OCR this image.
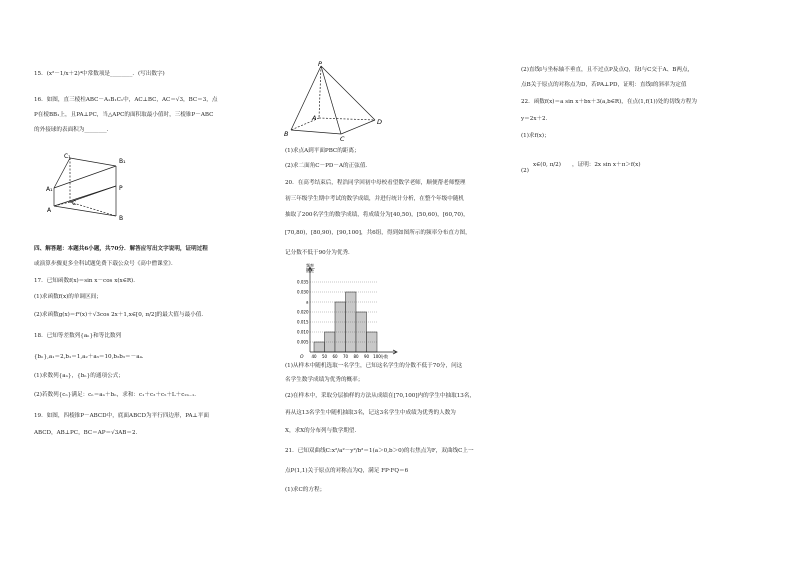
15．(x²－1/x＋2)⁴中常数项是________．(写出数字)
16．如图，直三棱柱ABC－A₁B₁C₁中，AC⊥BC，AC＝√3，BC＝3，点
P在棱BB₁上，且PA⊥PC，当△APC的面积取最小值时，三棱锥P－ABC
的外接球的表面积为________．
C₁
B₁
A₁	P
C
A
B
四、解答题：本题共6小题，共70分．解答应写出文字说明，证明过程
或演算步骤更多全科试题免费下载公众号《高中僧课堂》．
17．已知函数f(x)＝sin x－cos x(x∈R)．
(1)求函数f(x)的单调区间；
(2)求函数g(x)＝f²(x)＋√3cos 2x＋1,x∈[0, π/2]的最大值与最小值．
18．已知等差数列{aₙ}和等比数列
{bₙ},a₁＝2,b₁＝1,a₂＋a₃＝10,b₂b₃＝－a₄．
(1)求数列{aₙ}，{bₙ}的通项公式；
(2)若数列{cₙ}满足：cₙ＝aₙ＋bₙ，求和：c₁＋c₃＋c₅＋L＋c₂ₙ₋₁．
19．如图，四棱锥P－ABCD中，底面ABCD为平行四边形，PA⊥平面
ABCD，AB⊥PC，BC＝AP＝√3AB＝2．
P
A	D
B
C
(1)求点A到平面PBC的距离；
(2)求二面角C－PD－A的正弦值．
20．在高考结束后，程浩同学回初中母校看望数学老师，顺便帮老师整理
初三年级学生期中考试的数学成绩，并进行统计分析，在整个年级中随机
抽取了200名学生的数学成绩，将成绩分为[40,50)，[50,60)，[60,70)，
[70,80)，[80,90)，[90,100]，共6组，得到如图所示的频率分布直方图，
记分数不低于90分为优秀．
0.035
0.030
a
0.020
0.015
0.010
0.005
40 50 60 70 80 90 100
频率
组距
分数
O
(1)从样本中随机选取一名学生，已知这名学生的分数不低于70分，问这
名学生数学成绩为优秀的概率；
(2)在样本中，采取分层抽样的方法从成绩在[70,100]内的学生中抽取13名，
再从这13名学生中随机抽取3名，记这3名学生中成绩为优秀的人数为
X，求X的分布列与数学期望．
21．已知双曲线C:x²/a²－y²/b²＝1(a＞0,b＞0)的右焦点为F，双曲线C上一
点P(1,1)关于原点的对称点为Q，满足 FP·FQ＝6
(1)求C的方程；
(2)直线l与坐标轴不垂直，且不过点P及点Q，设l与C交于A、B两点，
点B关于原点的对称点为D，若PA⊥PD，证明：直线l的斜率为定值
22．函数f(x)＝a sin x＋bx＋3(a,b∈R)，在点(1,f(1))处的切线方程为
y＝2x＋2．
(1)求f(x)；
(2)
x∈(0, π/2) ，证明：2x sin x＋π＞f(x)
